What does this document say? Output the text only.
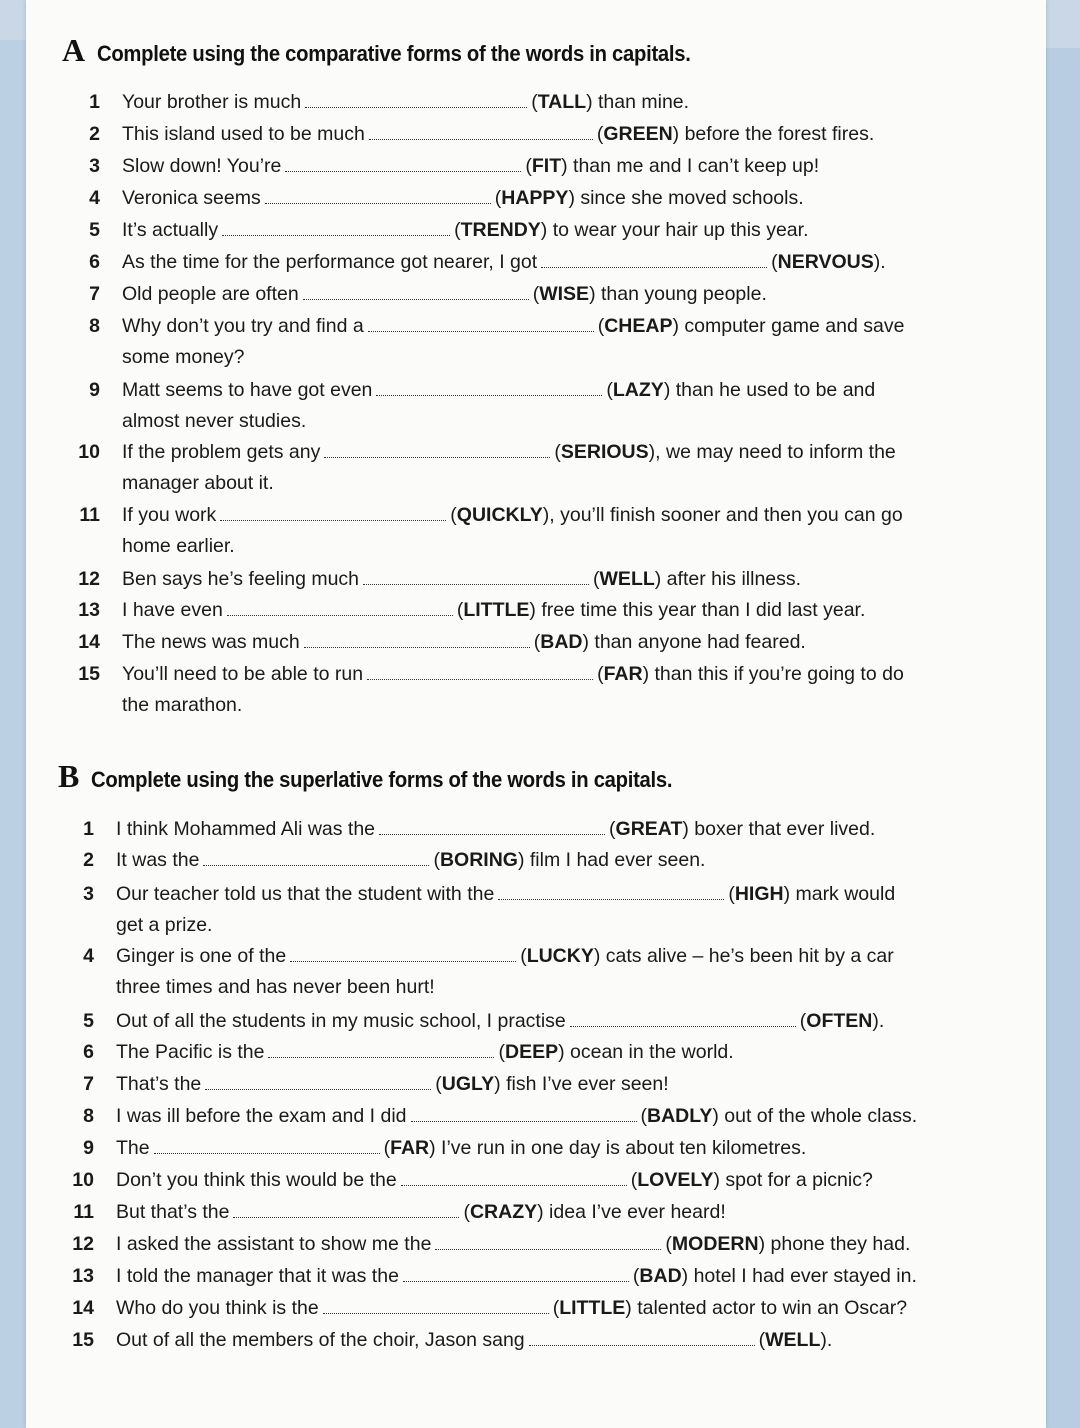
A Complete using the comparative forms of the words in capitals.
1 Your brother is much	(TALL) than mine.
2 This island used to be much	(GREEN) before the forest fires.
3 Slow down! You’re	(FIT) than me and I can’t keep up!
4 Veronica seems	(HAPPY) since she moved schools.
5 It’s actually	(TRENDY) to wear your hair up this year.
6 As the time for the performance got nearer, I got	(NERVOUS).
7 Old people are often	(WISE) than young people.
8 Why don’t you try and find a	(CHEAP) computer game and save
some money?
9 Matt seems to have got even	(LAZY) than he used to be and
almost never studies.
10 If the problem gets any	(SERIOUS), we may need to inform the
manager about it.
11 If you work	(QUICKLY), you’ll finish sooner and then you can go
home earlier.
12 Ben says he’s feeling much	(WELL) after his illness.
13 I have even	(LITTLE) free time this year than I did last year.
14 The news was much	(BAD) than anyone had feared.
15 You’ll need to be able to run	(FAR) than this if you’re going to do
the marathon.
B Complete using the superlative forms of the words in capitals.
1 I think Mohammed Ali was the	(GREAT) boxer that ever lived.
2 It was the	(BORING) film I had ever seen.
3 Our teacher told us that the student with the	(HIGH) mark would
get a prize.
4 Ginger is one of the	(LUCKY) cats alive – he’s been hit by a car
three times and has never been hurt!
5 Out of all the students in my music school, I practise	(OFTEN).
6 The Pacific is the	(DEEP) ocean in the world.
7 That’s the	(UGLY) fish I’ve ever seen!
8 I was ill before the exam and I did	(BADLY) out of the whole class.
9 The	(FAR) I’ve run in one day is about ten kilometres.
10 Don’t you think this would be the	(LOVELY) spot for a picnic?
11 But that’s the	(CRAZY) idea I’ve ever heard!
12 I asked the assistant to show me the	(MODERN) phone they had.
13 I told the manager that it was the	(BAD) hotel I had ever stayed in.
14 Who do you think is the	(LITTLE) talented actor to win an Oscar?
15 Out of all the members of the choir, Jason sang	(WELL).
